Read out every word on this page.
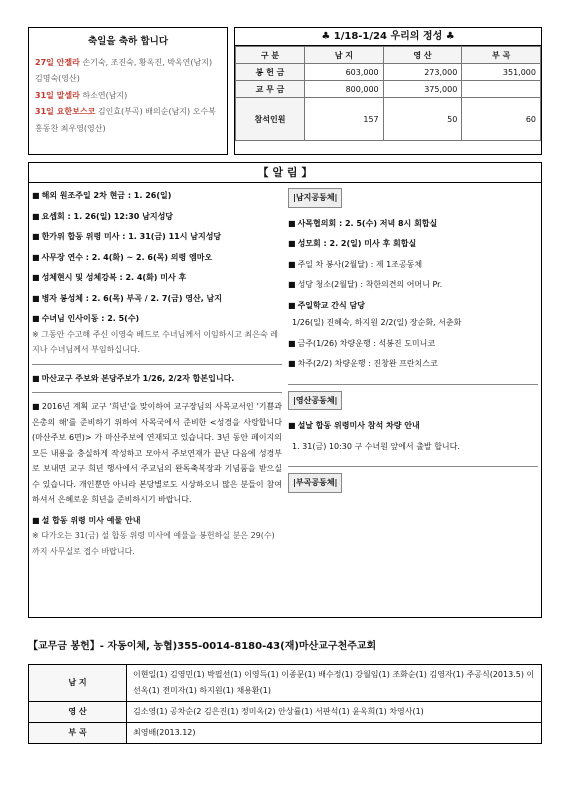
축일을 축하 합니다
27일 안젤라 손기숙, 조진숙, 황옥진, 박옥연(남지) 김명숙(영산)
31일 말셀라 하소연(남지)
31일 요한보스코 김인효(부곡) 배의순(남지) 오수복 홍동찬 최우영(영산)
♣ 1/18-1/24 우리의 정성 ♣
구 분	남 지	영 산	부 곡
봉 헌 금	603,000	273,000	351,000
교 무 금	800,000	375,000	
참석인원	157	50	60
【 알 림 】
■ 해외 원조주일 2차 현금 : 1. 26(일)
■ 요셉회 : 1. 26(일) 12:30 남지성당
■ 한가위 합동 위령 미사 : 1. 31(금) 11시 남지성당
■ 사무장 연수 : 2. 4(화) ~ 2. 6(목) 의령 엠마오
■ 성체현시 및 성체강복 : 2. 4(화) 미사 후
■ 병자 봉성체 : 2. 6(목) 부곡 / 2. 7(금) 영산, 남지
■ 수녀님 인사이동 : 2. 5(수)
※ 그동안 수고해 주신 이영숙 베드로 수녀님께서 이임하시고 최은숙 레지나 수녀님께서 부임하십니다.
■ 마산교구 주보와 본당주보가 1/26, 2/2자 합본입니다.
■ 2016년 계획 교구 '희년'을 맞이하여 교구장님의 사목교서인 '기쁨과 은총의 해'를 준비하기 위하여 사목국에서 준비한 <성경을 사랑합니다(마산주보 6면)> 가 마산주보에 연재되고 있습니다. 3년 동안 페이지의 모든 내용을 충실하게 작성하고 모아서 주보연재가 끝난 다음에 성경부로 보내면 교구 희년 행사에서 주교님의 완독축복장과 기념품을 받으실 수 있습니다. 개인뿐만 아니라 본당별로도 시상하오니 많은 분들이 참여하셔서 은혜로운 희년을 준비하시기 바랍니다.
■ 설 합동 위령 미사 예물 안내
※ 다가오는 31(금) 설 합동 위령 미사에 예물을 봉헌하실 분은 29(수)까지 사무실로 접수 바랍니다.
|남지공동체|
■ 사목협의회 : 2. 5(수) 저녁 8시 회합실
■ 성모회 : 2. 2(일) 미사 후 회합실
■ 주일 차 봉사(2월달) : 제 1조공동체
■ 성당 청소(2월달) : 착한의견의 어머니 Pr.
■ 주일학교 간식 담당
1/26(일) 진혜숙, 하지원 2/2(일) 장순화, 서춘화
■ 금주(1/26) 차량운행 : 석봉진 도미니코
■ 차주(2/2) 차량운행 : 진창완 프란치스코
|영산공동체|
■ 설날 합동 위령미사 참석 차량 안내
1. 31(금) 10:30 구 수녀원 앞에서 출발 합니다.
|부곡공동체|
【교무금 봉헌】- 자동이체, 농협)355-0014-8180-43(재)마산교구천주교회
남 지	이현일(1) 김영민(1) 박필선(1) 이영득(1) 이종문(1) 배수정(1) 강월임(1) 조화순(1) 김영자(1) 주공식(2013.5) 이선옥(1) 전미자(1) 하지원(1) 채용환(1)
영 산	김소영(1) 공차순(2 김은진(1) 정미옥(2) 안상률(1) 서판석(1) 윤옥희(1) 차영사(1)
부 곡	최영배(2013.12)
